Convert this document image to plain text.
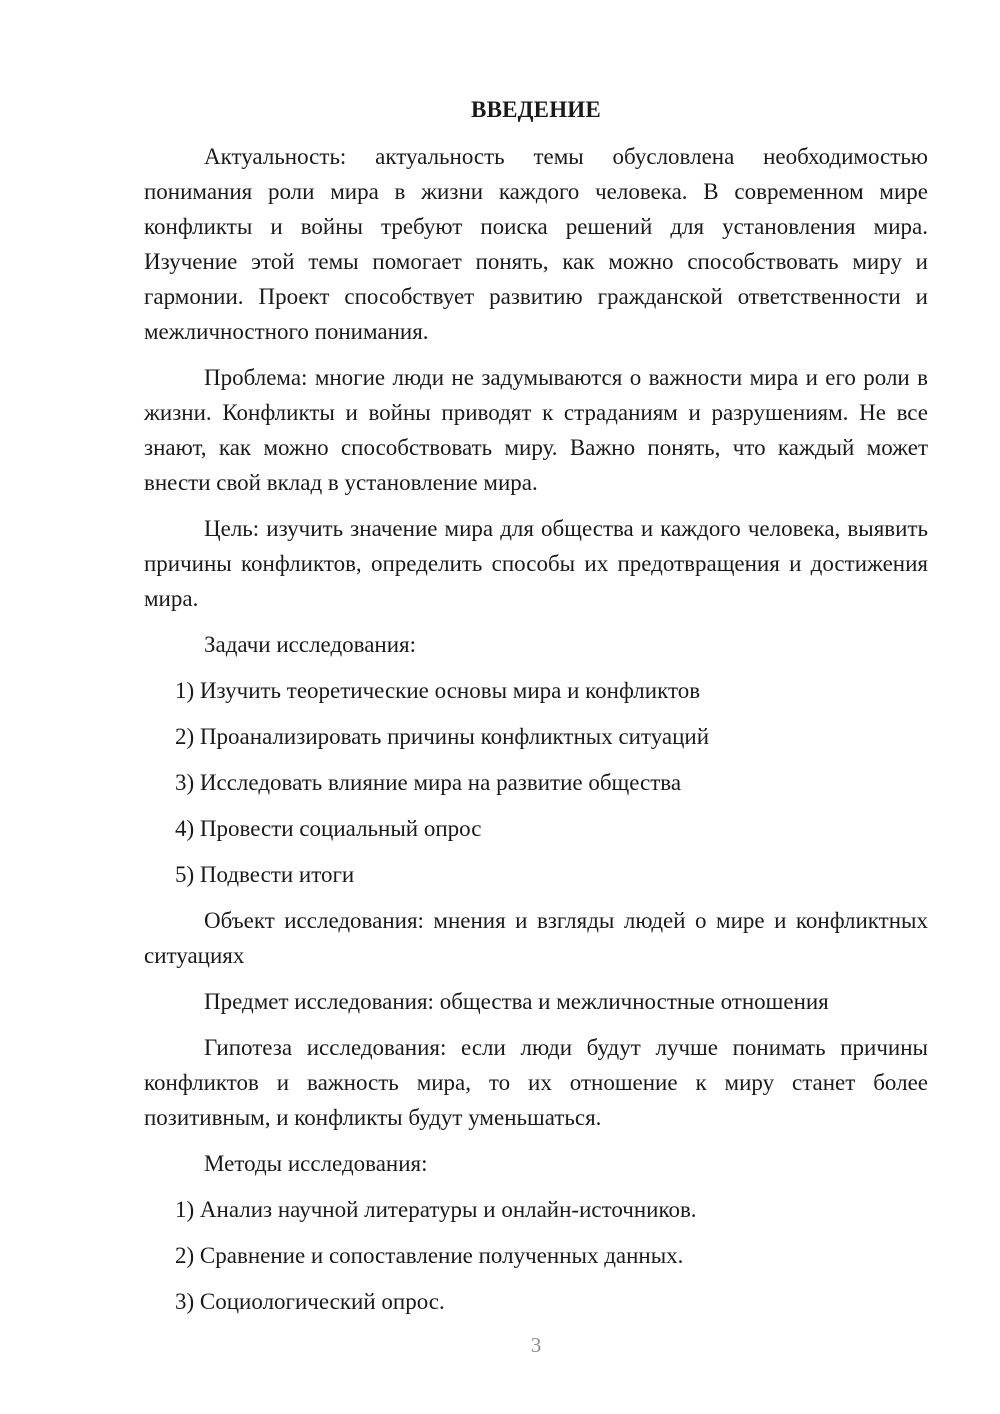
ВВЕДЕНИЕ

Актуальность: актуальность темы обусловлена необходимостью понимания роли мира в жизни каждого человека. В современном мире конфликты и войны требуют поиска решений для установления мира. Изучение этой темы помогает понять, как можно способствовать миру и гармонии. Проект способствует развитию гражданской ответственности и межличностного понимания.

Проблема: многие люди не задумываются о важности мира и его роли в жизни. Конфликты и войны приводят к страданиям и разрушениям. Не все знают, как можно способствовать миру. Важно понять, что каждый может внести свой вклад в установление мира.

Цель: изучить значение мира для общества и каждого человека, выявить причины конфликтов, определить способы их предотвращения и достижения мира.

Задачи исследования:
1) Изучить теоретические основы мира и конфликтов
2) Проанализировать причины конфликтных ситуаций
3) Исследовать влияние мира на развитие общества
4) Провести социальный опрос
5) Подвести итоги

Объект исследования: мнения и взгляды людей о мире и конфликтных ситуациях

Предмет исследования: общества и межличностные отношения

Гипотеза исследования: если люди будут лучше понимать причины конфликтов и важность мира, то их отношение к миру станет более позитивным, и конфликты будут уменьшаться.

Методы исследования:
1) Анализ научной литературы и онлайн-источников.
2) Сравнение и сопоставление полученных данных.
3) Социологический опрос.
3
